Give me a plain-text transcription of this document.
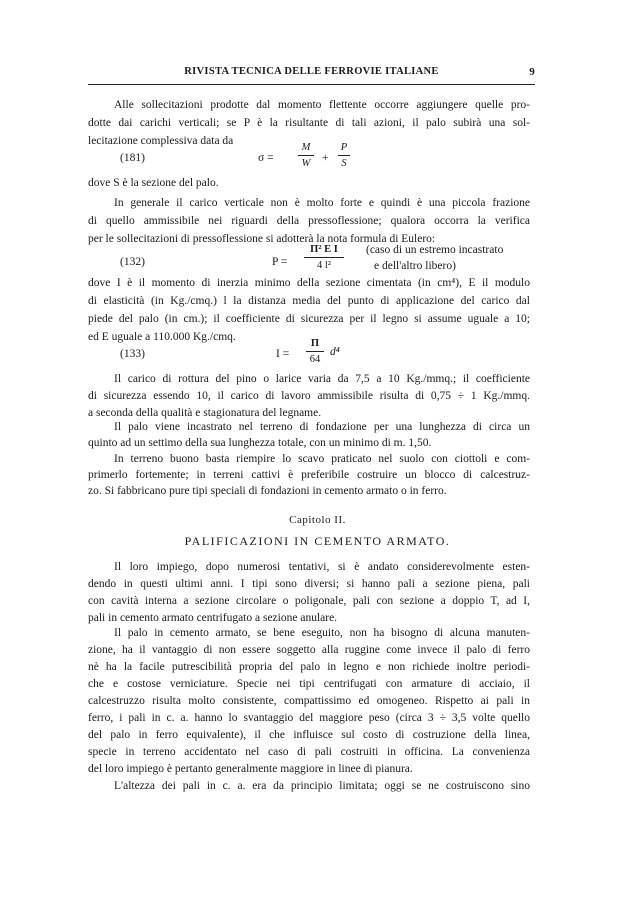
RIVISTA TECNICA DELLE FERROVIE ITALIANE	9
Alle sollecitazioni prodotte dal momento flettente occorre aggiungere quelle pro-
dotte dai carichi verticali; se P è la risultante di tali azioni, il palo subirà una sol-
lecitazione complessiva data da
(181)	σ =
M
W	+
P
S
dove S è la sezione del palo.
In generale il carico verticale non è molto forte e quindi è una piccola frazione
di quello ammissibile nei riguardi della pressoflessione; qualora occorra la verifica
per le sollecitazioni di pressoflessione si adotterà la nota formula di Eulero:
(132)	P =
Π² E I
4 l²
(caso di un estremo incastrato
e dell'altro libero)
dove I è il momento di inerzia minimo della sezione cimentata (in cm⁴), E il modulo
di elasticità (in Kg./cmq.) l la distanza media del punto di applicazione del carico dal
piede del palo (in cm.); il coefficiente di sicurezza per il legno si assume uguale a 10;
ed E uguale a 110.000 Kg./cmq.
(133)	I =
Π
64
d⁴
Il carico di rottura del pino o larice varia da 7,5 a 10 Kg./mmq.; il coefficiente
di sicurezza essendo 10, il carico di lavoro ammissibile risulta di 0,75 ÷ 1 Kg./mmq.
a seconda della qualità e stagionatura del legname.
Il palo viene incastrato nel terreno di fondazione per una lunghezza di circa un
quinto ad un settimo della sua lunghezza totale, con un minimo di m. 1,50.
In terreno buono basta riempire lo scavo praticato nel suolo con ciottoli e com-
primerlo fortemente; in terreni cattivi è preferibile costruire un blocco di calcestruz-
zo. Si fabbricano pure tipi speciali di fondazioni in cemento armato o in ferro.
Capitolo II.
PALIFICAZIONI IN CEMENTO ARMATO.
Il loro impiego, dopo numerosi tentativi, si è andato considerevolmente esten-
dendo in questi ultimi anni. I tipi sono diversi; si hanno pali a sezione piena, pali
con cavità interna a sezione circolare o poligonale, pali con sezione a doppio T, ad I,
pali in cemento armato centrifugato a sezione anulare.
Il palo in cemento armato, se bene eseguito, non ha bisogno di alcuna manuten-
zione, ha il vantaggio di non essere soggetto alla ruggine come invece il palo di ferro
nè ha la facile putrescibilità propria del palo in legno e non richiede inoltre periodi-
che e costose verniciature. Specie nei tipi centrifugati con armature di acciaio, il
calcestruzzo risulta molto consistente, compattissimo ed omogeneo. Rispetto ai pali in
ferro, i pali in c. a. hanno lo svantaggio del maggiore peso (circa 3 ÷ 3,5 volte quello
del palo in ferro equivalente), il che influisce sul costo di costruzione della linea,
specie in terreno accidentato nel caso di pali costruiti in officina. La convenienza
del loro impiego è pertanto generalmente maggiore in linee di pianura.
L'altezza dei pali in c. a. era da principio limitata; oggi se ne costruiscono sino
